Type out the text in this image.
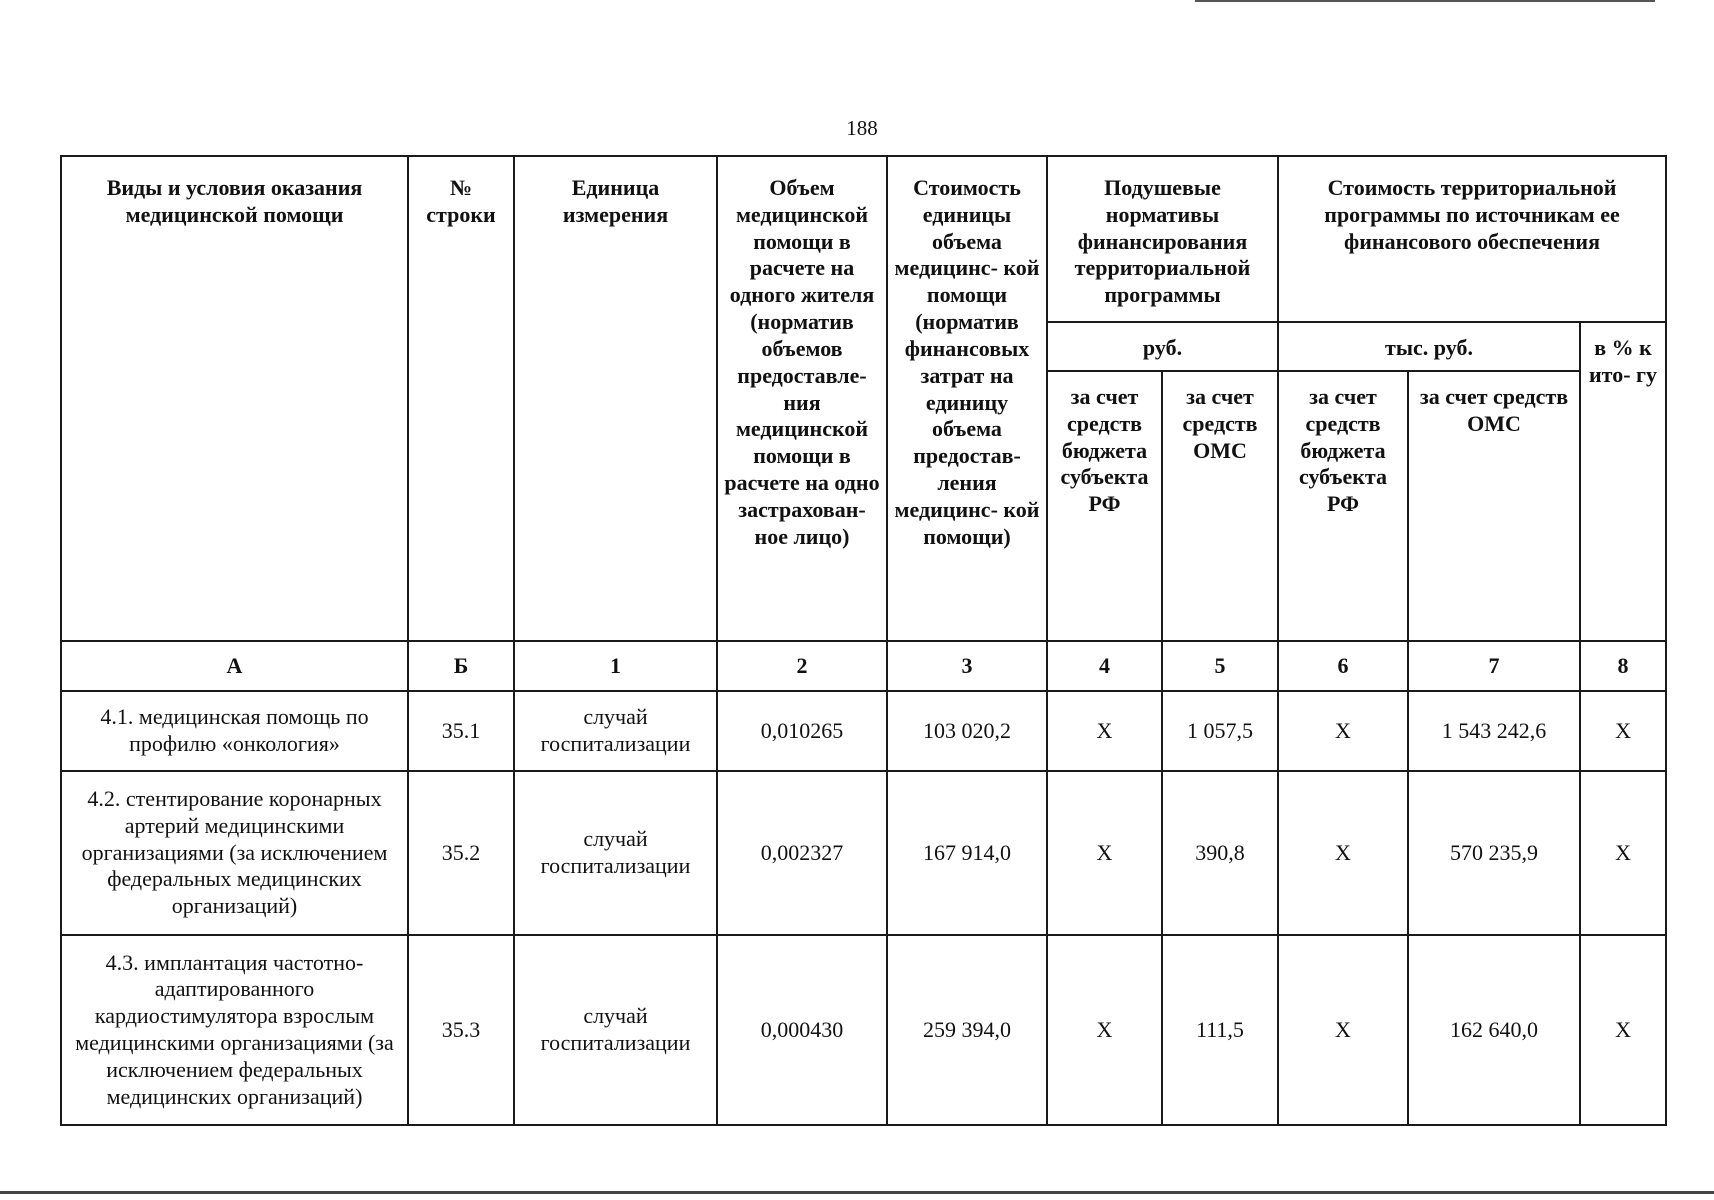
188
Виды и условия оказания медицинской помощи	№ строки	Единица измерения	Объем медицинской помощи в расчете на одного жителя (норматив объемов предоставле- ния медицинской помощи в расчете на одно застрахован- ное лицо)	Стоимость единицы объема медицинс- кой помощи (норматив финансовых затрат на единицу объема предостав- ления медицинс- кой помощи)	Подушевые нормативы финансирования территориальной программы		Стоимость территориальной программы по источникам ее финансового обеспечения		
					руб.		тыс. руб.		в % к ито- гу
					за счет средств бюджета субъекта РФ	за счет средств ОМС	за счет средств бюджета субъекта РФ	за счет средств ОМС	
А	Б	1	2	3	4	5	6	7	8
4.1. медицинская помощь по профилю «онкология»	35.1	случай госпитализации	0,010265	103 020,2	Х	1 057,5	Х	1 543 242,6	Х
4.2. стентирование коронарных артерий медицинскими организациями (за исключением федеральных медицинских организаций)	35.2	случай госпитализации	0,002327	167 914,0	Х	390,8	Х	570 235,9	Х
4.3. имплантация частотно-адаптированного кардиостимулятора взрослым медицинскими организациями (за исключением федеральных медицинских организаций)	35.3	случай госпитализации	0,000430	259 394,0	Х	111,5	Х	162 640,0	Х
